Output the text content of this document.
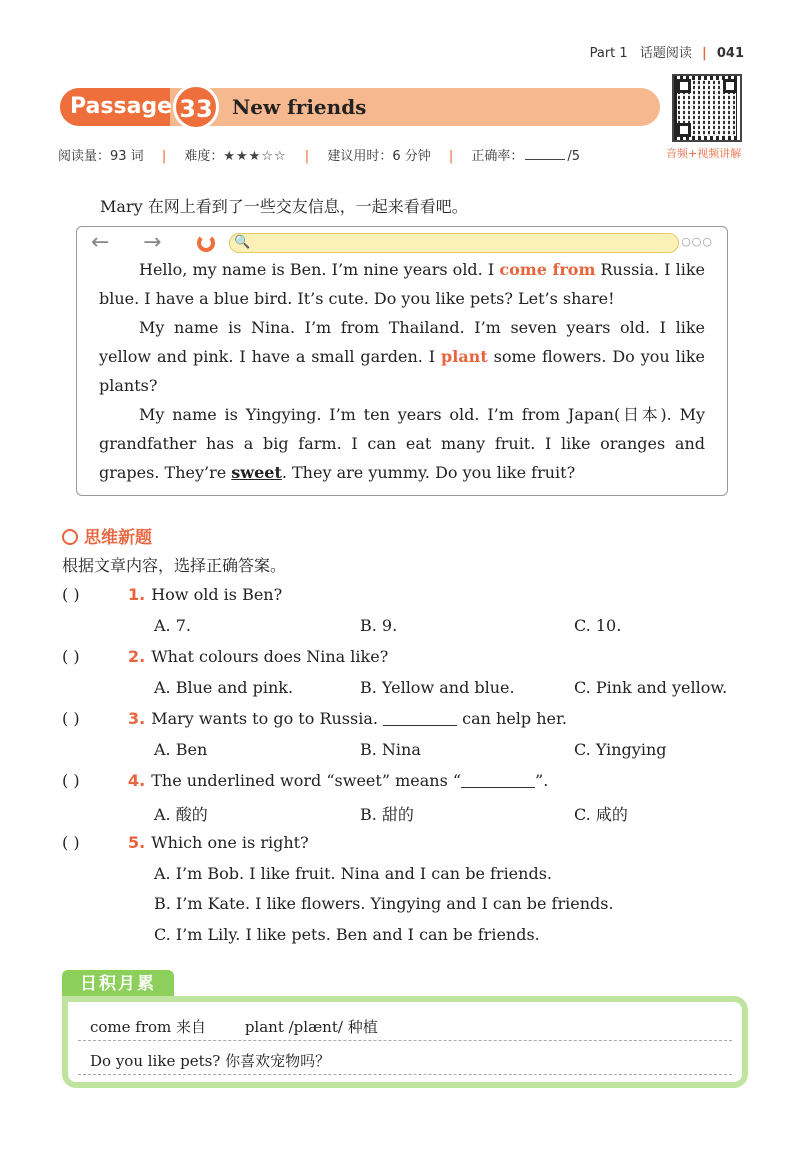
Part 1 话题阅读 | 041
Passage 33 New friends
音频+视频讲解
阅读量：93 词 | 难度：★★★☆☆ | 建议用时：6 分钟 | 正确率：	/5
Mary 在网上看到了一些交友信息，一起来看看吧。
← →	🔍	○○○

Hello, my name is Ben. I’m nine years old. I come from Russia. I like blue. I have a blue bird. It’s cute. Do you like pets? Let’s share!

My name is Nina. I’m from Thailand. I’m seven years old. I like yellow and pink. I have a small garden. I plant some flowers. Do you like plants?

My name is Yingying. I’m ten years old. I’m from Japan(日本). My grandfather has a big farm. I can eat many fruit. I like oranges and grapes. They’re sweet. They are yummy. Do you like fruit?

思维新题
根据文章内容，选择正确答案。
( )	1. How old is Ben?
A. 7.	B. 9.	C. 10.
( )	2. What colours does Nina like?
A. Blue and pink.	B. Yellow and blue.	C. Pink and yellow.
( )	3. Mary wants to go to Russia.	can help her.
A. Ben	B. Nina	C. Yingying
( )	4. The underlined word “sweet” means “	”.
A. 酸的	B. 甜的	C. 咸的
( )	5. Which one is right?
A. I’m Bob. I like fruit. Nina and I can be friends.
B. I’m Kate. I like flowers. Yingying and I can be friends.
C. I’m Lily. I like pets. Ben and I can be friends.
日积月累
come from 来自	plant /plænt/ 种植
Do you like pets? 你喜欢宠物吗？
